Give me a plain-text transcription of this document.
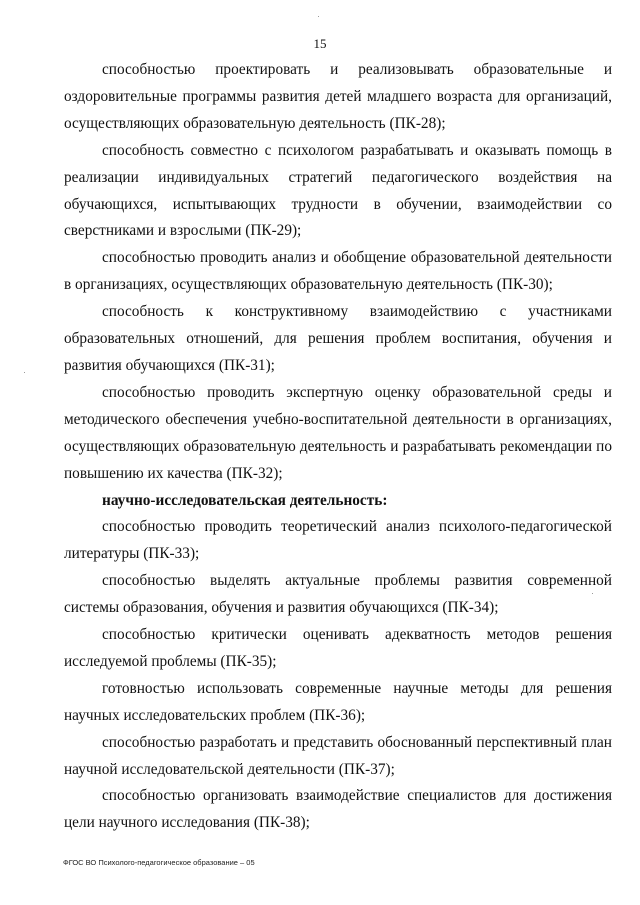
15

способностью проектировать и реализовывать образовательные и оздоровительные программы развития детей младшего возраста для организаций, осуществляющих образовательную деятельность (ПК-28);

способность совместно с психологом разрабатывать и оказывать помощь в реализации индивидуальных стратегий педагогического воздействия на обучающихся, испытывающих трудности в обучении, взаимодействии со сверстниками и взрослыми (ПК-29);

способностью проводить анализ и обобщение образовательной деятельности в организациях, осуществляющих образовательную деятельность (ПК-30);

способность к конструктивному взаимодействию с участниками образовательных отношений, для решения проблем воспитания, обучения и развития обучающихся (ПК-31);

способностью проводить экспертную оценку образовательной среды и методического обеспечения учебно-воспитательной деятельности в организациях, осуществляющих образовательную деятельность и разрабатывать рекомендации по повышению их качества (ПК-32);

научно-исследовательская деятельность:

способностью проводить теоретический анализ психолого-педагогической литературы (ПК-33);

способностью выделять актуальные проблемы развития современной системы образования, обучения и развития обучающихся (ПК-34);

способностью критически оценивать адекватность методов решения исследуемой проблемы (ПК-35);

готовностью использовать современные научные методы для решения научных исследовательских проблем (ПК-36);

способностью разработать и представить обоснованный перспективный план научной исследовательской деятельности (ПК-37);

способностью организовать взаимодействие специалистов для достижения цели научного исследования (ПК-38);

ФГОС ВО Психолого-педагогическое образование – 05
